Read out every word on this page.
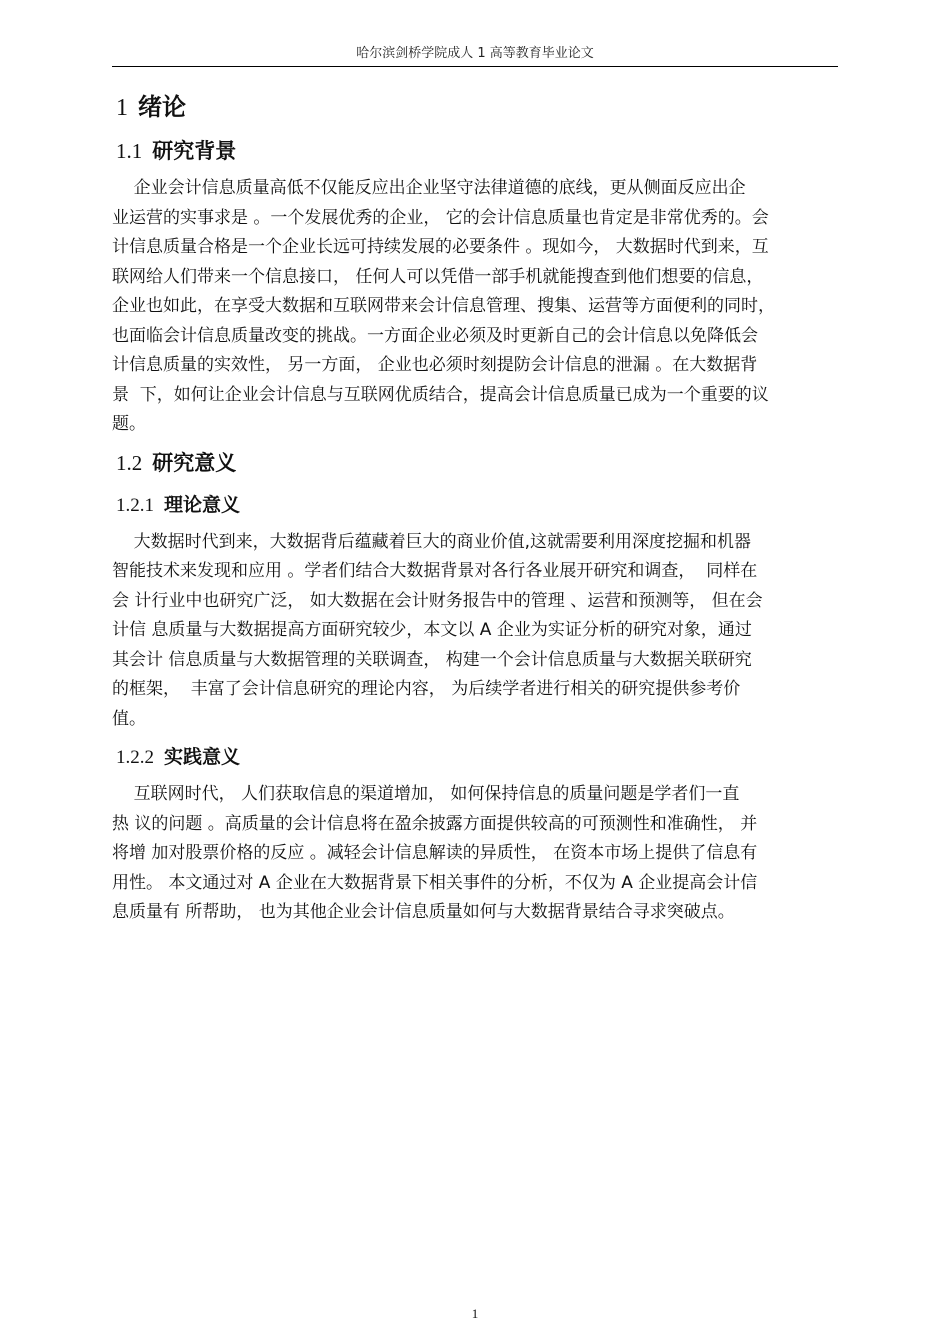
哈尔滨剑桥学院成人 1 高等教育毕业论文
1 绪论
1.1 研究背景
企业会计信息质量高低不仅能反应出企业坚守法律道德的底线，更从侧面反应出企
业运营的实事求是 。一个发展优秀的企业， 它的会计信息质量也肯定是非常优秀的。会
计信息质量合格是一个企业长远可持续发展的必要条件 。现如今， 大数据时代到来，互
联网给人们带来一个信息接口， 任何人可以凭借一部手机就能搜查到他们想要的信息，
企业也如此，在享受大数据和互联网带来会计信息管理、搜集、运营等方面便利的同时，
也面临会计信息质量改变的挑战。一方面企业必须及时更新自己的会计信息以免降低会
计信息质量的实效性， 另一方面， 企业也必须时刻提防会计信息的泄漏 。在大数据背
景  下，如何让企业会计信息与互联网优质结合，提高会计信息质量已成为一个重要的议
题。
1.2 研究意义
1.2.1 理论意义
大数据时代到来，大数据背后蕴藏着巨大的商业价值,这就需要利用深度挖掘和机器
智能技术来发现和应用 。学者们结合大数据背景对各行各业展开研究和调查，  同样在
会 计行业中也研究广泛， 如大数据在会计财务报告中的管理 、运营和预测等， 但在会
计信 息质量与大数据提高方面研究较少，本文以 A 企业为实证分析的研究对象，通过
其会计 信息质量与大数据管理的关联调查， 构建一个会计信息质量与大数据关联研究
的框架，  丰富了会计信息研究的理论内容， 为后续学者进行相关的研究提供参考价
值。
1.2.2 实践意义
互联网时代， 人们获取信息的渠道增加， 如何保持信息的质量问题是学者们一直
热 议的问题 。高质量的会计信息将在盈余披露方面提供较高的可预测性和准确性， 并
将增 加对股票价格的反应 。减轻会计信息解读的异质性， 在资本市场上提供了信息有
用性。 本文通过对 A 企业在大数据背景下相关事件的分析，不仅为 A 企业提高会计信
息质量有 所帮助， 也为其他企业会计信息质量如何与大数据背景结合寻求突破点。
1
